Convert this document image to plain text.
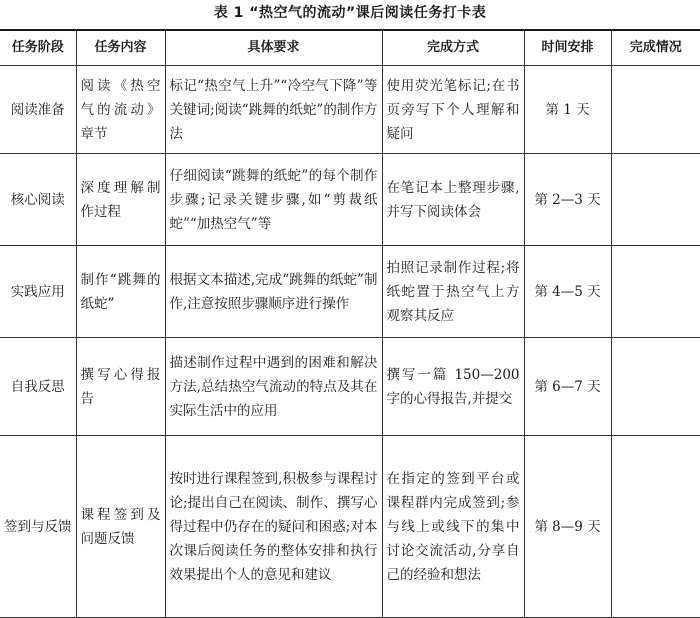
表 1 “热空气的流动”课后阅读任务打卡表
任务阶段	任务内容	具体要求	完成方式	时间安排	完成情况
阅读准备	阅读《热空气的流动》章节	标记“热空气上升”“冷空气下降”等关键词;阅读“跳舞的纸蛇”的制作方法	使用荧光笔标记;在书页旁写下个人理解和疑问	第 1 天	
核心阅读	深度理解制作过程	仔细阅读“跳舞的纸蛇”的每个制作步骤;记录关键步骤,如“剪裁纸蛇”“加热空气”等	在笔记本上整理步骤,并写下阅读体会	第 2—3 天	
实践应用	制作“跳舞的纸蛇”	根据文本描述,完成“跳舞的纸蛇”制作,注意按照步骤顺序进行操作	拍照记录制作过程;将纸蛇置于热空气上方观察其反应	第 4—5 天	
自我反思	撰写心得报告	描述制作过程中遇到的困难和解决方法,总结热空气流动的特点及其在实际生活中的应用	撰写一篇 150—200 字的心得报告,并提交	第 6—7 天	
签到与反馈	课程签到及问题反馈	按时进行课程签到,积极参与课程讨论;提出自己在阅读、制作、撰写心得过程中仍存在的疑问和困惑;对本次课后阅读任务的整体安排和执行效果提出个人的意见和建议	在指定的签到平台或课程群内完成签到;参与线上或线下的集中讨论交流活动,分享自己的经验和想法	第 8—9 天	
